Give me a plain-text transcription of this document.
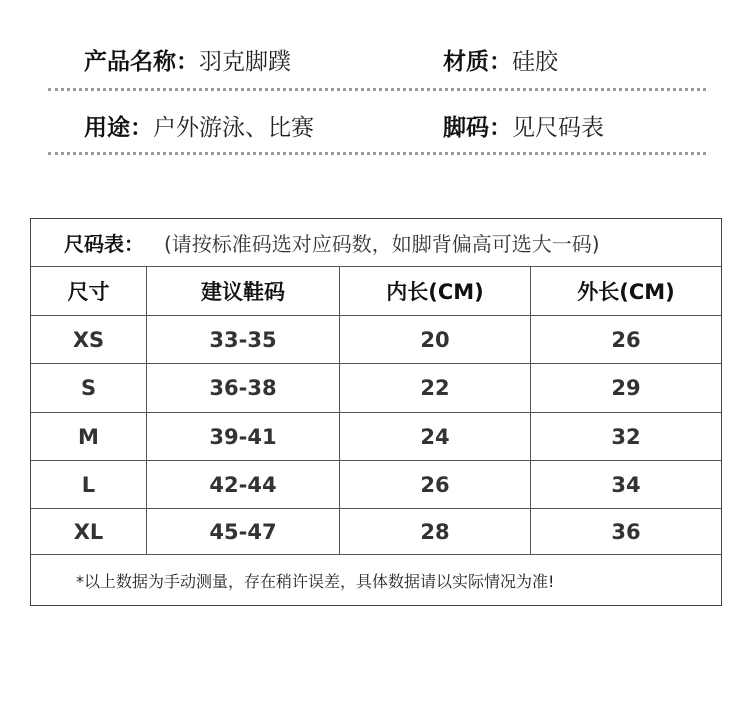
产品名称： 羽克脚蹼	材质： 硅胶
用途： 户外游泳、比赛	脚码： 见尺码表
尺码表： (请按标准码选对应码数，如脚背偏高可选大一码)
尺寸	建议鞋码	内长(CM)	外长(CM)
XS	33-35	20	26
S	36-38	22	29
M	39-41	24	32
L	42-44	26	34
XL	45-47	28	36
*以上数据为手动测量，存在稍许误差，具体数据请以实际情况为准!
